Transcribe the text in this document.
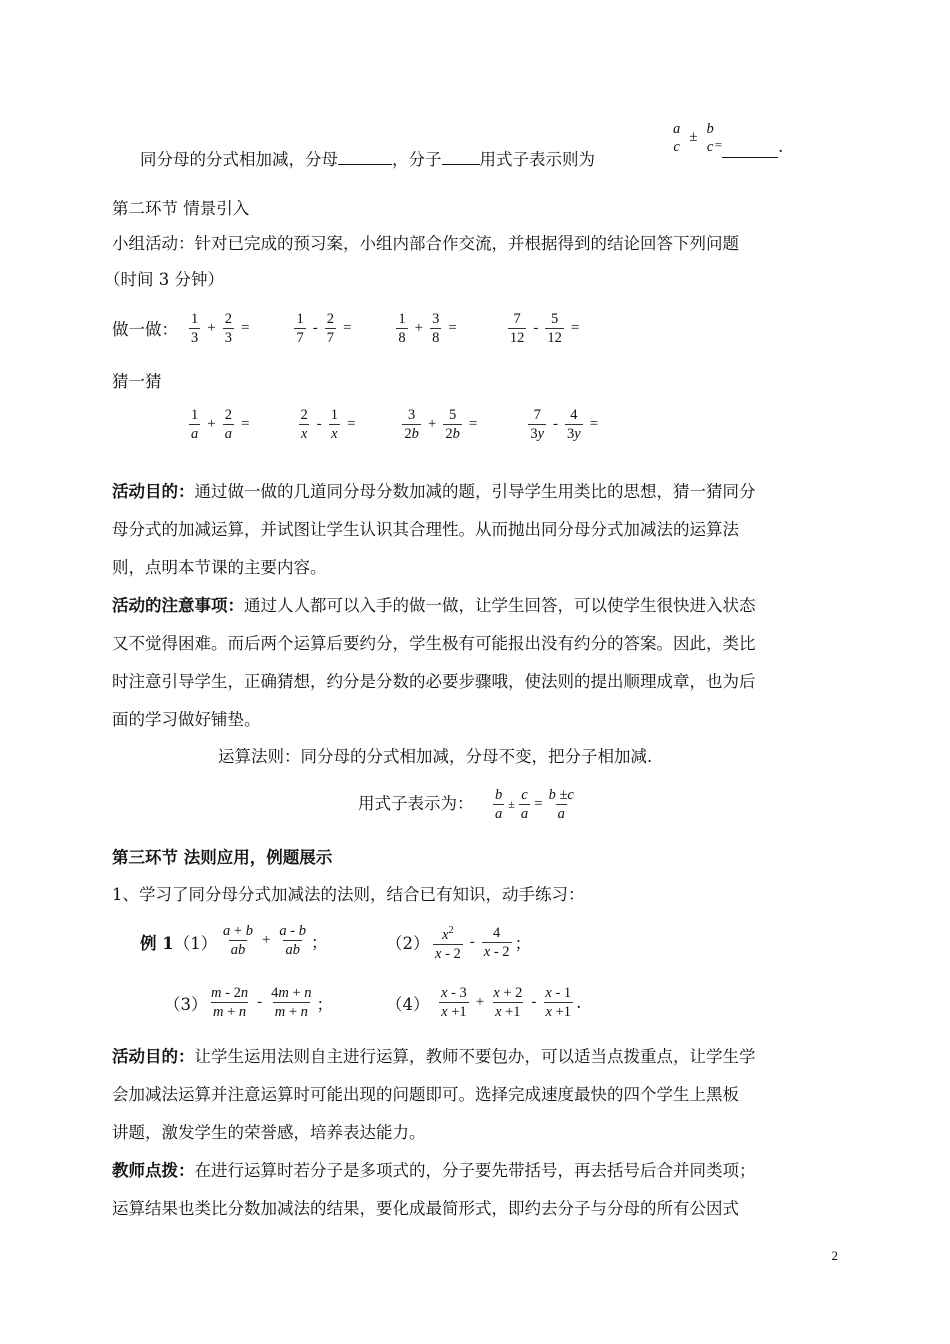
同分母的分式相加减，分母	，分子 用式子表示则为
a
c
±
b
c =	.
第二环节 情景引入
小组活动：针对已完成的预习案，小组内部合作交流，并根据得到的结论回答下列问题
（时间 3 分钟）
做一做： $\frac{1}{3} + \frac{2}{3}$ =	$\frac{1}{7} - \frac{2}{7}$ =	$\frac{1}{8} + \frac{3}{8}$ =	$\frac{7}{12} - \frac{5}{12}$ =
猜一猜
$\frac{1}{a} + \frac{2}{a}$ =	$\frac{2}{x} - \frac{1}{x}$ =	$\frac{3}{2b} + \frac{5}{2b}$ =	$\frac{7}{3y} - \frac{4}{3y}$ =
活动目的：通过做一做的几道同分母分数加减的题，引导学生用类比的思想，猜一猜同分
母分式的加减运算，并试图让学生认识其合理性。从而抛出同分母分式加减法的运算法
则，点明本节课的主要内容。
活动的注意事项：通过人人都可以入手的做一做，让学生回答，可以使学生很快进入状态
又不觉得困难。而后两个运算后要约分，学生极有可能报出没有约分的答案。因此，类比
时注意引导学生，正确猜想，约分是分数的必要步骤哦，使法则的提出顺理成章，也为后
面的学习做好铺垫。
运算法则：同分母的分式相加减，分母不变，把分子相加减.
用式子表示为： $\frac{b}{a} \pm \frac{c}{a} = \frac{b \pm c}{a}$
第三环节 法则应用，例题展示
1、学习了同分母分式加减法的法则，结合已有知识，动手练习：
例 $1(1) \frac{a + b}{ab} + \frac{a - b}{ab}$ ；	$(2) \frac{x^2}{x - 2} - \frac{4}{x - 2}$ ；
$(3) \frac{m - 2n}{m + n} - \frac{4m + n}{m + n}$ ；	$(4) \frac{x - 3}{x +1} + \frac{x + 2}{x +1} - \frac{x - 1}{x +1}$ .
活动目的：让学生运用法则自主进行运算，教师不要包办，可以适当点拨重点，让学生学
会加减法运算并注意运算时可能出现的问题即可。选择完成速度最快的四个学生上黑板
讲题，激发学生的荣誉感，培养表达能力。
教师点拨：在进行运算时若分子是多项式的，分子要先带括号，再去括号后合并同类项；
运算结果也类比分数加减法的结果，要化成最简形式，即约去分子与分母的所有公因式
2
